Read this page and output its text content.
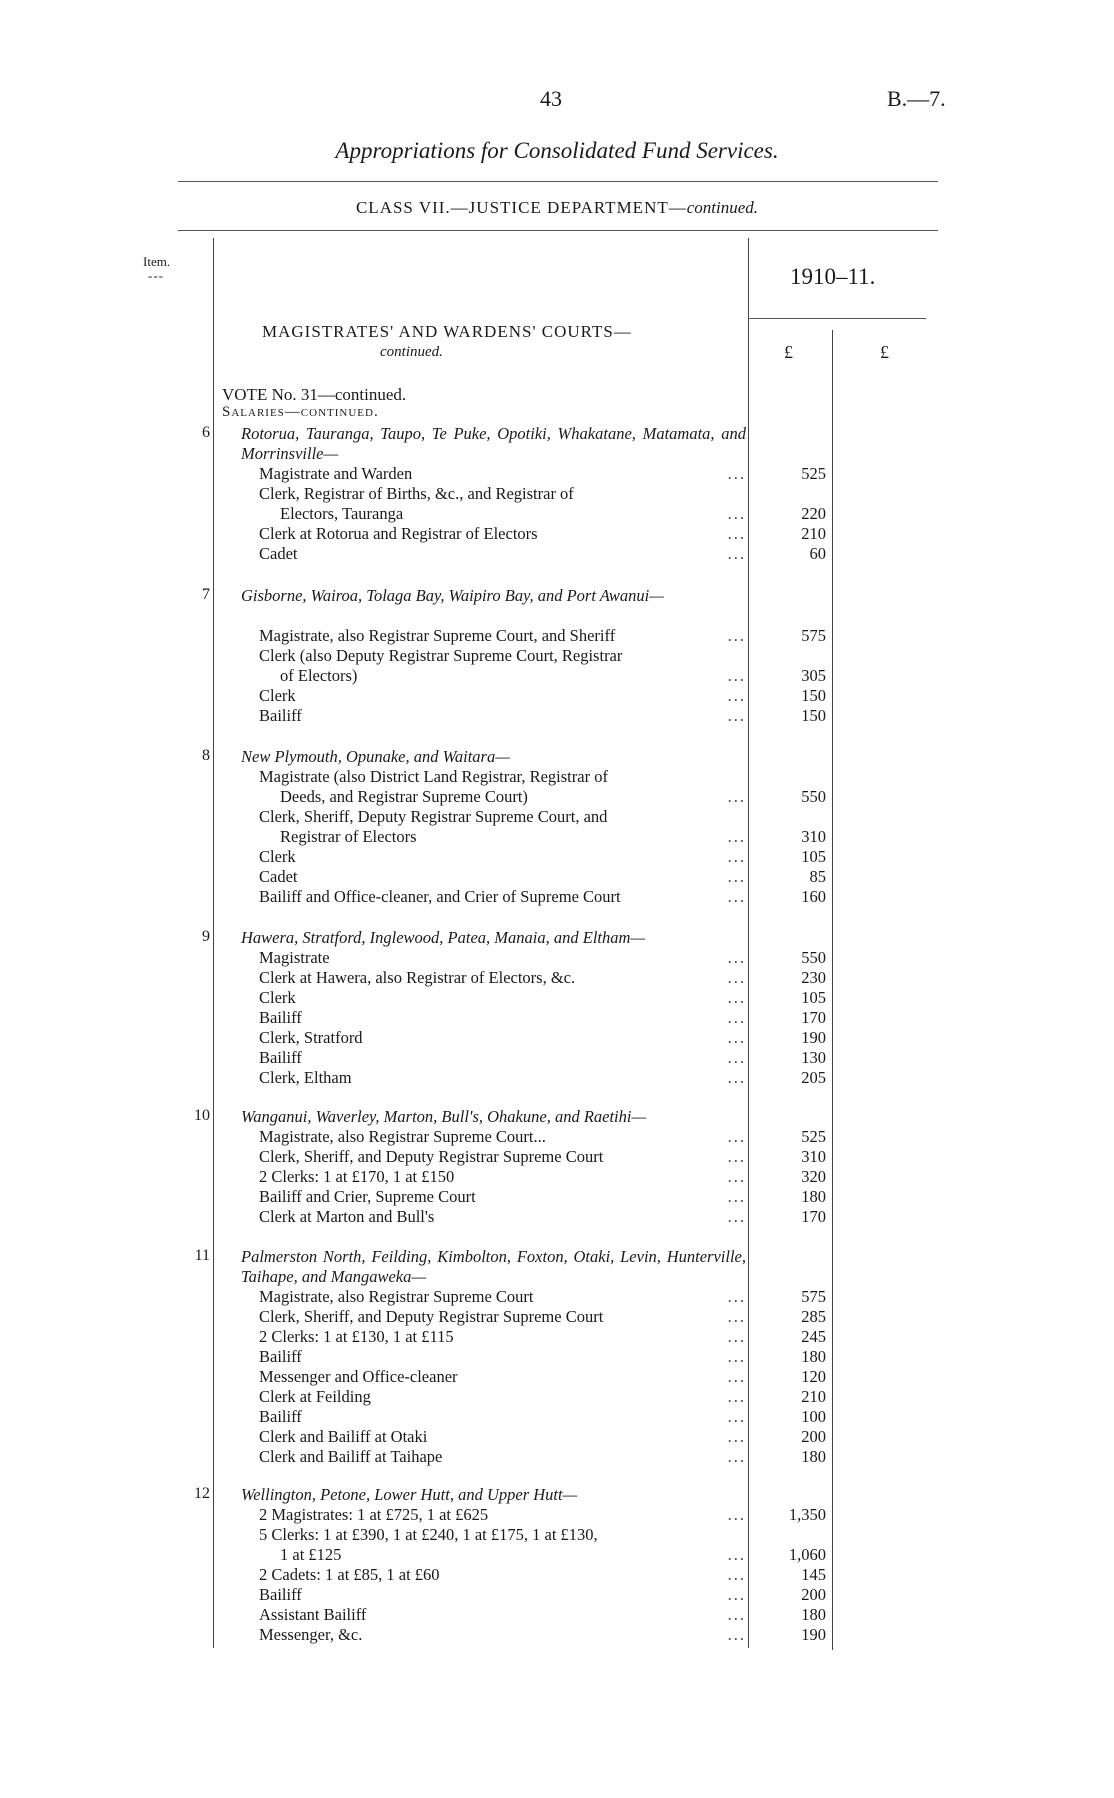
43	B.—7.
Appropriations for Consolidated Fund Services.
CLASS VII.—JUSTICE DEPARTMENT—continued.
Item.
---	1910–11.
£	£
MAGISTRATES' AND WARDENS' COURTS—
continued.
VOTE No. 31—continued.
Salaries—continued.
6 Rotorua, Tauranga, Taupo, Te Puke, Opotiki, Whakatane, Matamata, and Morrinsville—
Magistrate and Warden	...	525
Clerk, Registrar of Births, &c., and Registrar of
Electors, Tauranga	...	220
Clerk at Rotorua and Registrar of Electors	...	210
Cadet	...	60
7 Gisborne, Wairoa, Tolaga Bay, Waipiro Bay, and Port Awanui—
Magistrate, also Registrar Supreme Court, and Sheriff	...	575
Clerk (also Deputy Registrar Supreme Court, Registrar
of Electors)	...	305
Clerk	...	150
Bailiff	...	150
8 New Plymouth, Opunake, and Waitara—
Magistrate (also District Land Registrar, Registrar of
Deeds, and Registrar Supreme Court)	...	550
Clerk, Sheriff, Deputy Registrar Supreme Court, and
Registrar of Electors	...	310
Clerk	...	105
Cadet	...	85
Bailiff and Office-cleaner, and Crier of Supreme Court	...	160
9 Hawera, Stratford, Inglewood, Patea, Manaia, and Eltham—
Magistrate	...	550
Clerk at Hawera, also Registrar of Electors, &c.	...	230
Clerk	...	105
Bailiff	...	170
Clerk, Stratford	...	190
Bailiff	...	130
Clerk, Eltham	...	205
10 Wanganui, Waverley, Marton, Bull's, Ohakune, and Raetihi—
Magistrate, also Registrar Supreme Court...	...	525
Clerk, Sheriff, and Deputy Registrar Supreme Court	...	310
2 Clerks: 1 at £170, 1 at £150	...	320
Bailiff and Crier, Supreme Court	...	180
Clerk at Marton and Bull's	...	170
11 Palmerston North, Feilding, Kimbolton, Foxton, Otaki, Levin, Hunterville, Taihape, and Mangaweka—
Magistrate, also Registrar Supreme Court	...	575
Clerk, Sheriff, and Deputy Registrar Supreme Court	...	285
2 Clerks: 1 at £130, 1 at £115	...	245
Bailiff	...	180
Messenger and Office-cleaner	...	120
Clerk at Feilding	...	210
Bailiff	...	100
Clerk and Bailiff at Otaki	...	200
Clerk and Bailiff at Taihape	...	180
12 Wellington, Petone, Lower Hutt, and Upper Hutt—
2 Magistrates: 1 at £725, 1 at £625	...	1,350
5 Clerks: 1 at £390, 1 at £240, 1 at £175, 1 at £130,
1 at £125	...	1,060
2 Cadets: 1 at £85, 1 at £60	...	145
Bailiff	...	200
Assistant Bailiff	...	180
Messenger, &c.	...	190
